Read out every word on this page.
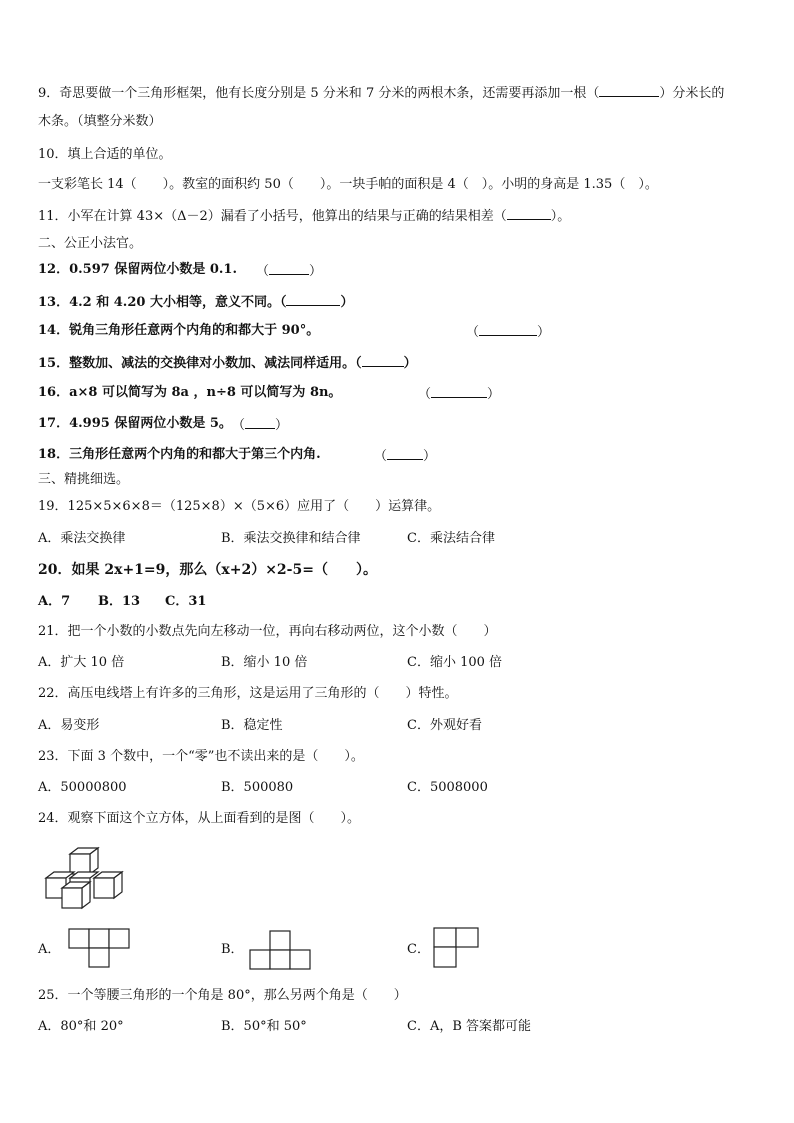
9．奇思要做一个三角形框架，他有长度分别是 5 分米和 7 分米的两根木条，还需要再添加一根（	）分米长的
木条。（填整分米数）
10．填上合适的单位。
一支彩笔长 14（　　）。教室的面积约 50（　　）。一块手帕的面积是 4（　）。小明的身高是 1.35（　）。
11．小军在计算 43×（Δ－2）漏看了小括号，他算出的结果与正确的结果相差（	）。
二、公正小法官。
12．0.597 保留两位小数是 0.1. （	）
13．4.2 和 4.20 大小相等，意义不同。（	）
14．锐角三角形任意两个内角的和都大于 90°。	（	）
15．整数加、减法的交换律对小数加、减法同样适用。（	）
16．a×8 可以简写为 8a ，n÷8 可以简写为 8n。	（	）
17．4.995 保留两位小数是 5。 （ ）
18．三角形任意两个内角的和都大于第三个内角.	（	）
三、精挑细选。
19．125×5×6×8＝（125×8）×（5×6）应用了（　　）运算律。
A．乘法交换律	B．乘法交换律和结合律	C．乘法结合律
20．如果 2x+1=9，那么（x+2）×2-5=（　　）。
A．7 B．13 C．31
21．把一个小数的小数点先向左移动一位，再向右移动两位，这个小数（　　）
A．扩大 10 倍	B．缩小 10 倍	C．缩小 100 倍
22．高压电线塔上有许多的三角形，这是运用了三角形的（　　）特性。
A．易变形	B．稳定性	C．外观好看
23．下面 3 个数中，一个“零”也不读出来的是（　　）。
A．50000800	B．500080	C．5008000
24．观察下面这个立方体，从上面看到的是图（　　）。
A．	B．	C．
25．一个等腰三角形的一个角是 80°，那么另两个角是（　　）
A．80°和 20°	B．50°和 50°	C．A，B 答案都可能
